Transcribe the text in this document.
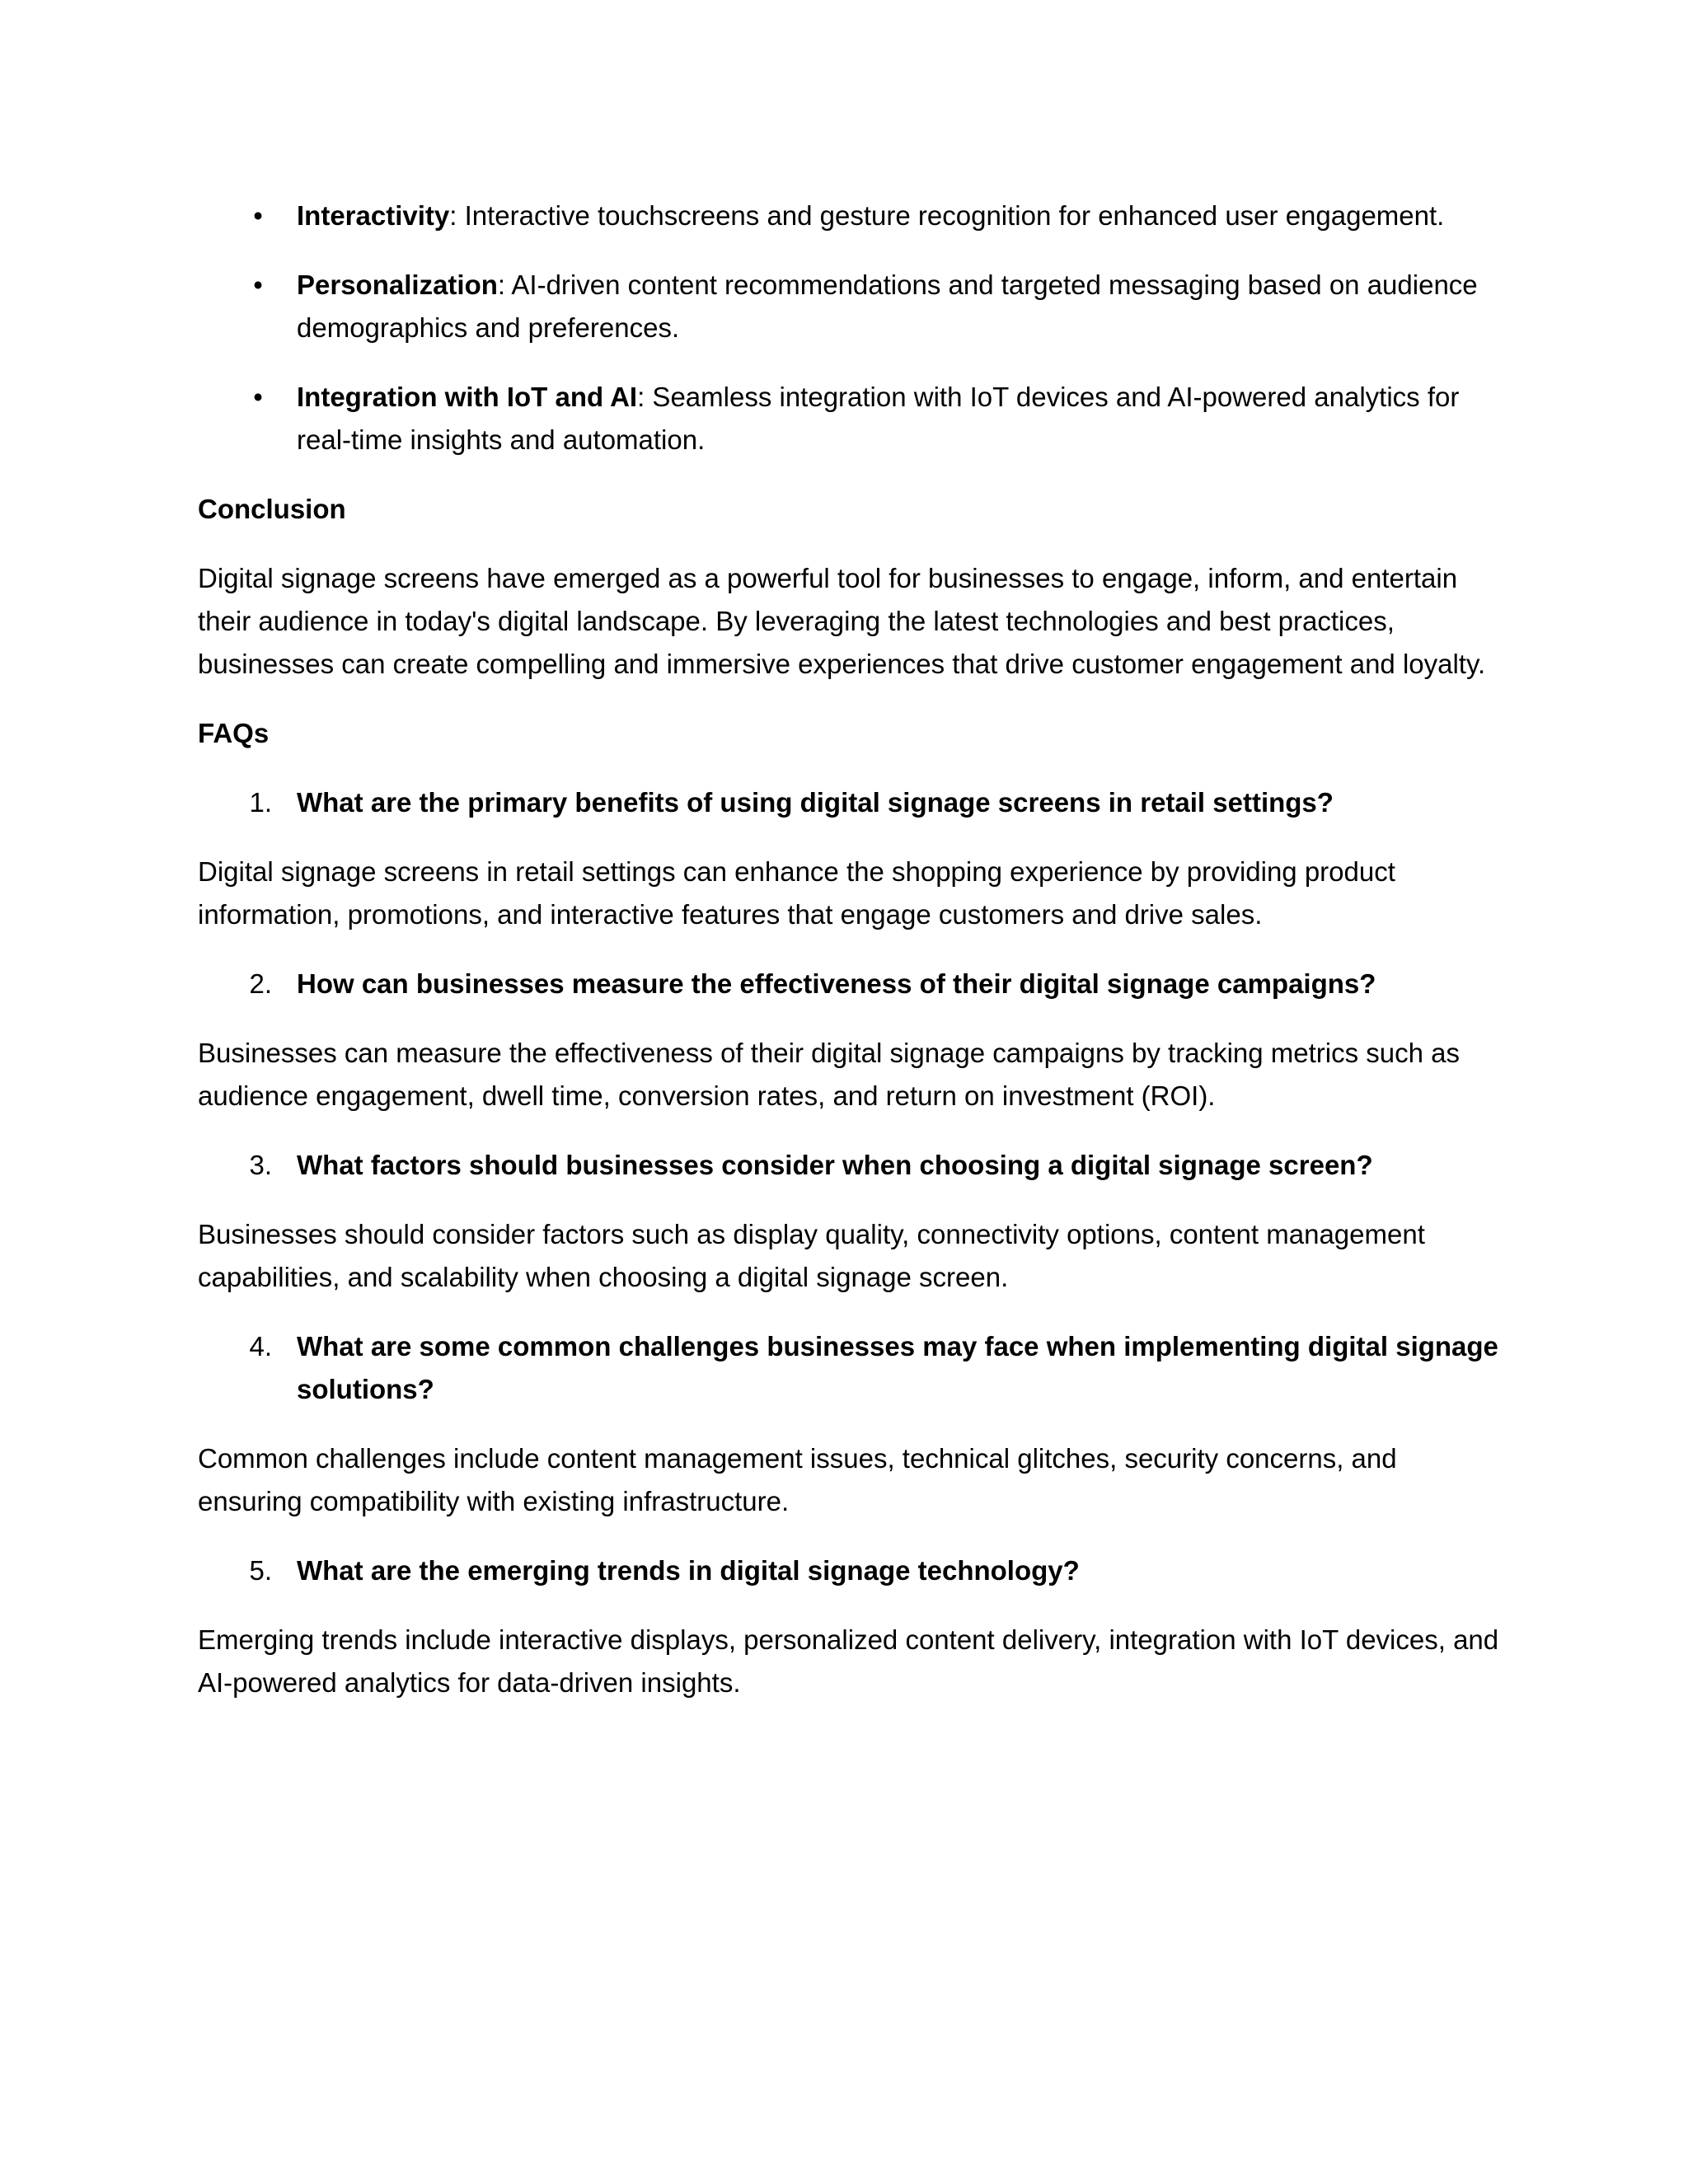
• Interactivity: Interactive touchscreens and gesture recognition for enhanced user engagement.
• Personalization: AI-driven content recommendations and targeted messaging based on audience demographics and preferences.
• Integration with IoT and AI: Seamless integration with IoT devices and AI-powered analytics for real-time insights and automation.
Conclusion
Digital signage screens have emerged as a powerful tool for businesses to engage, inform, and entertain their audience in today's digital landscape. By leveraging the latest technologies and best practices, businesses can create compelling and immersive experiences that drive customer engagement and loyalty.
FAQs
1. What are the primary benefits of using digital signage screens in retail settings?
Digital signage screens in retail settings can enhance the shopping experience by providing product information, promotions, and interactive features that engage customers and drive sales.
2. How can businesses measure the effectiveness of their digital signage campaigns?
Businesses can measure the effectiveness of their digital signage campaigns by tracking metrics such as audience engagement, dwell time, conversion rates, and return on investment (ROI).
3. What factors should businesses consider when choosing a digital signage screen?
Businesses should consider factors such as display quality, connectivity options, content management capabilities, and scalability when choosing a digital signage screen.
4. What are some common challenges businesses may face when implementing digital signage solutions?
Common challenges include content management issues, technical glitches, security concerns, and ensuring compatibility with existing infrastructure.
5. What are the emerging trends in digital signage technology?
Emerging trends include interactive displays, personalized content delivery, integration with IoT devices, and AI-powered analytics for data-driven insights.
